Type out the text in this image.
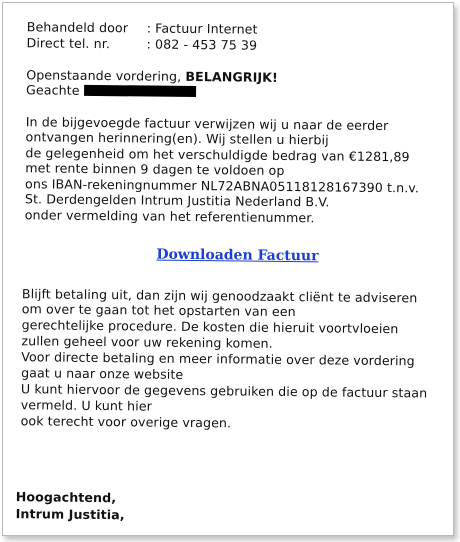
Behandeld door : Factuur Internet
Direct tel. nr.	: 082 - 453 75 39
Openstaande vordering, BELANGRIJK!
Geachte
In de bijgevoegde factuur verwijzen wij u naar de eerder
ontvangen herinnering(en). Wij stellen u hierbij
de gelegenheid om het verschuldigde bedrag van €1281,89
met rente binnen 9 dagen te voldoen op
ons IBAN-rekeningnummer NL72ABNA05118128167390 t.n.v.
St. Derdengelden Intrum Justitia Nederland B.V.
onder vermelding van het referentienummer.
Downloaden Factuur
Blijft betaling uit, dan zijn wij genoodzaakt cliënt te adviseren
om over te gaan tot het opstarten van een
gerechtelijke procedure. De kosten die hieruit voortvloeien
zullen geheel voor uw rekening komen.
Voor directe betaling en meer informatie over deze vordering
gaat u naar onze website
U kunt hiervoor de gegevens gebruiken die op de factuur staan
vermeld. U kunt hier
ook terecht voor overige vragen.
Hoogachtend,
Intrum Justitia,
